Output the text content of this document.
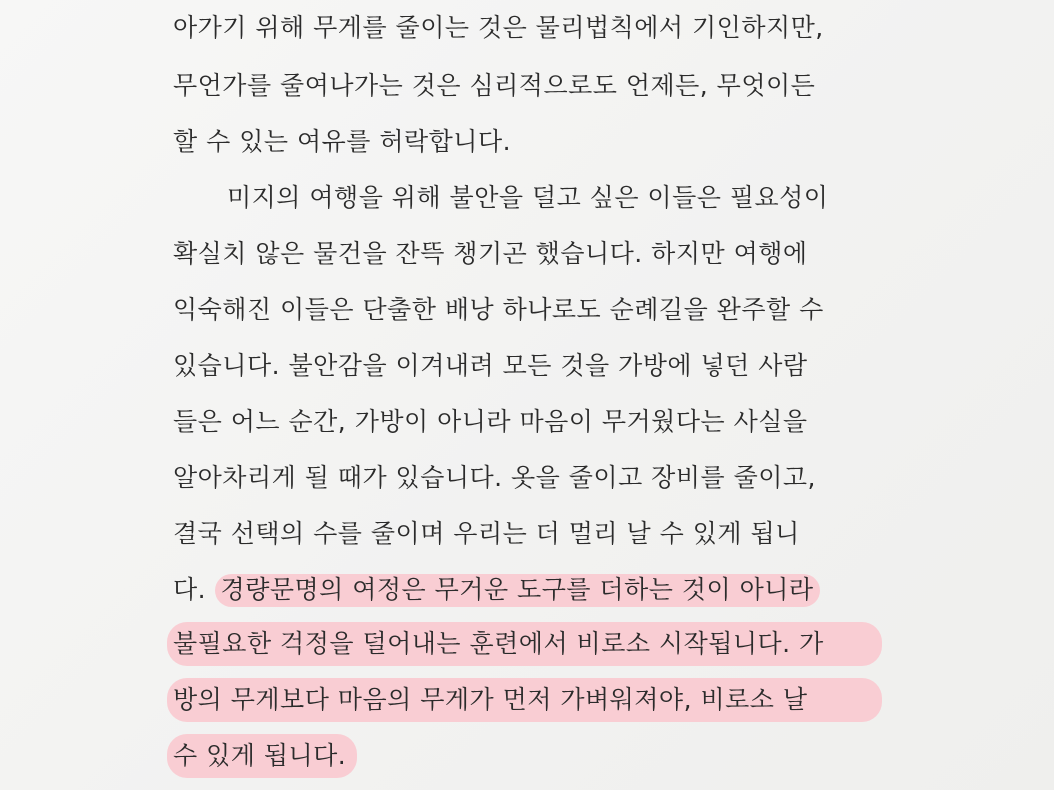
아가기 위해 무게를 줄이는 것은 물리법칙에서 기인하지만,
무언가를 줄여나가는 것은 심리적으로도 언제든, 무엇이든
할 수 있는 여유를 허락합니다.
미지의 여행을 위해 불안을 덜고 싶은 이들은 필요성이
확실치 않은 물건을 잔뜩 챙기곤 했습니다. 하지만 여행에
익숙해진 이들은 단출한 배낭 하나로도 순례길을 완주할 수
있습니다. 불안감을 이겨내려 모든 것을 가방에 넣던 사람
들은 어느 순간, 가방이 아니라 마음이 무거웠다는 사실을
알아차리게 될 때가 있습니다. 옷을 줄이고 장비를 줄이고,
결국 선택의 수를 줄이며 우리는 더 멀리 날 수 있게 됩니
다. 경량문명의 여정은 무거운 도구를 더하는 것이 아니라
불필요한 걱정을 덜어내는 훈련에서 비로소 시작됩니다. 가
방의 무게보다 마음의 무게가 먼저 가벼워져야, 비로소 날
수 있게 됩니다.
